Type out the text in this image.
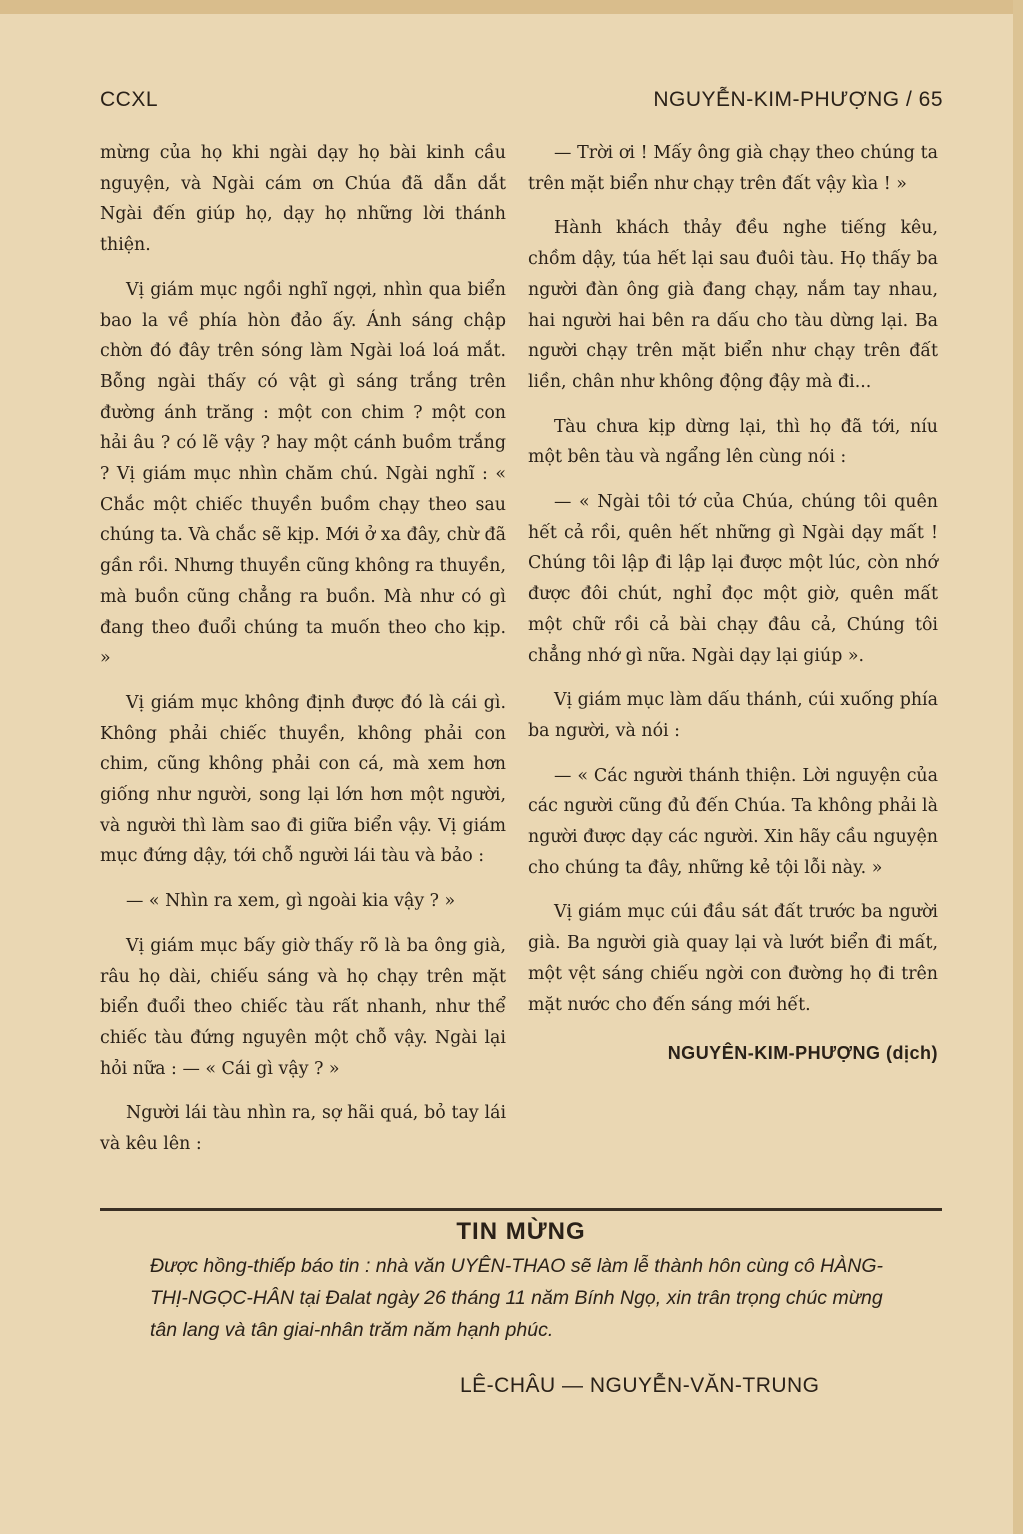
CCXL	NGUYỄN-KIM-PHƯỢNG / 65

mừng của họ khi ngài dạy họ bài kinh cầu nguyện, và Ngài cám ơn Chúa đã dẫn dắt Ngài đến giúp họ, dạy họ những lời thánh thiện.

Vị giám mục ngồi nghĩ ngợi, nhìn qua biển bao la về phía hòn đảo ấy. Ánh sáng chập chờn đó đây trên sóng làm Ngài loá loá mắt. Bỗng ngài thấy có vật gì sáng trắng trên đường ánh trăng : một con chim ? một con hải âu ? có lẽ vậy ? hay một cánh buồm trắng ? Vị giám mục nhìn chăm chú. Ngài nghĩ : « Chắc một chiếc thuyền buồm chạy theo sau chúng ta. Và chắc sẽ kịp. Mới ở xa đây, chừ đã gần rồi. Nhưng thuyền cũng không ra thuyền, mà buồn cũng chẳng ra buồn. Mà như có gì đang theo đuổi chúng ta muốn theo cho kịp. »

Vị giám mục không định được đó là cái gì. Không phải chiếc thuyền, không phải con chim, cũng không phải con cá, mà xem hơn giống như người, song lại lớn hơn một người, và người thì làm sao đi giữa biển vậy. Vị giám mục đứng dậy, tới chỗ người lái tàu và bảo :

— « Nhìn ra xem, gì ngoài kia vậy ? »

Vị giám mục bấy giờ thấy rõ là ba ông già, râu họ dài, chiếu sáng và họ chạy trên mặt biển đuổi theo chiếc tàu rất nhanh, như thể chiếc tàu đứng nguyên một chỗ vậy. Ngài lại hỏi nữa : — « Cái gì vậy ? »

Người lái tàu nhìn ra, sợ hãi quá, bỏ tay lái và kêu lên :

— Trời ơi ! Mấy ông già chạy theo chúng ta trên mặt biển như chạy trên đất vậy kìa ! »

Hành khách thảy đều nghe tiếng kêu, chồm dậy, túa hết lại sau đuôi tàu. Họ thấy ba người đàn ông già đang chạy, nắm tay nhau, hai người hai bên ra dấu cho tàu dừng lại. Ba người chạy trên mặt biển như chạy trên đất liền, chân như không động đậy mà đi...

Tàu chưa kịp dừng lại, thì họ đã tới, níu một bên tàu và ngẩng lên cùng nói :

— « Ngài tôi tớ của Chúa, chúng tôi quên hết cả rồi, quên hết những gì Ngài dạy mất ! Chúng tôi lập đi lập lại được một lúc, còn nhớ được đôi chút, nghỉ đọc một giờ, quên mất một chữ rồi cả bài chạy đâu cả, Chúng tôi chẳng nhớ gì nữa. Ngài dạy lại giúp ».

Vị giám mục làm dấu thánh, cúi xuống phía ba người, và nói :

— « Các người thánh thiện. Lời nguyện của các người cũng đủ đến Chúa. Ta không phải là người được dạy các người. Xin hãy cầu nguyện cho chúng ta đây, những kẻ tội lỗi này. »

Vị giám mục cúi đầu sát đất trước ba người già. Ba người già quay lại và lướt biển đi mất, một vệt sáng chiếu ngời con đường họ đi trên mặt nước cho đến sáng mới hết.

NGUYÊN-KIM-PHƯỢNG (dịch)
TIN MỪNG
Được hồng-thiếp báo tin : nhà văn UYÊN-THAO sẽ làm lễ thành hôn cùng cô HÀNG-THỊ-NGỌC-HÂN tại Đalat ngày 26 tháng 11 năm Bính Ngọ, xin trân trọng chúc mừng tân lang và tân giai-nhân trăm năm hạnh phúc.
LÊ-CHÂU — NGUYỄN-VĂN-TRUNG
